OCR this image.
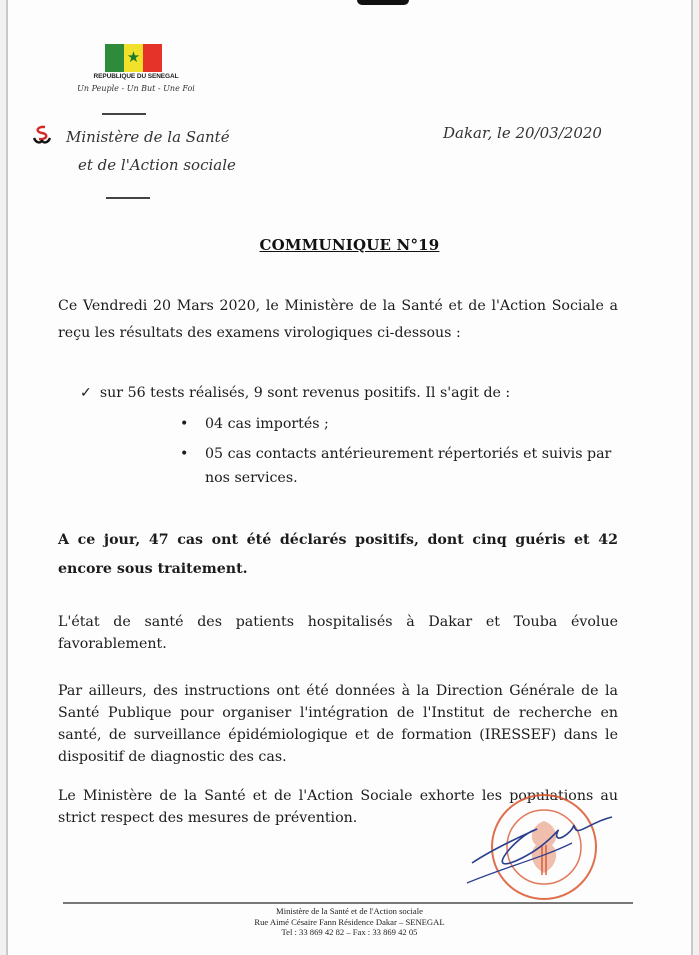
★
REPUBLIQUE DU SENEGAL
Un Peuple - Un But - Une Foi
Ministère de la Santé
et de l'Action sociale
Dakar, le 20/03/2020
COMMUNIQUE N°19
Ce Vendredi 20 Mars 2020, le Ministère de la Santé et de l'Action Sociale a reçu les résultats des examens virologiques ci-dessous :
✓ sur 56 tests réalisés, 9 sont revenus positifs. Il s'agit de :
•	04 cas importés ;
•	05 cas contacts antérieurement répertoriés et suivis par nos services.
A ce jour, 47 cas ont été déclarés positifs, dont cinq guéris et 42 encore sous traitement.
L'état de santé des patients hospitalisés à Dakar et Touba évolue favorablement.
Par ailleurs, des instructions ont été données à la Direction Générale de la Santé Publique pour organiser l'intégration de l'Institut de recherche en santé, de surveillance épidémiologique et de formation (IRESSEF) dans le dispositif de diagnostic des cas.
Le Ministère de la Santé et de l'Action Sociale exhorte les populations au strict respect des mesures de prévention.
Ministère de la Santé et de l'Action sociale
Rue Aimé Césaire Fann Résidence Dakar – SENEGAL
Tel : 33 869 42 82 – Fax : 33 869 42 05
